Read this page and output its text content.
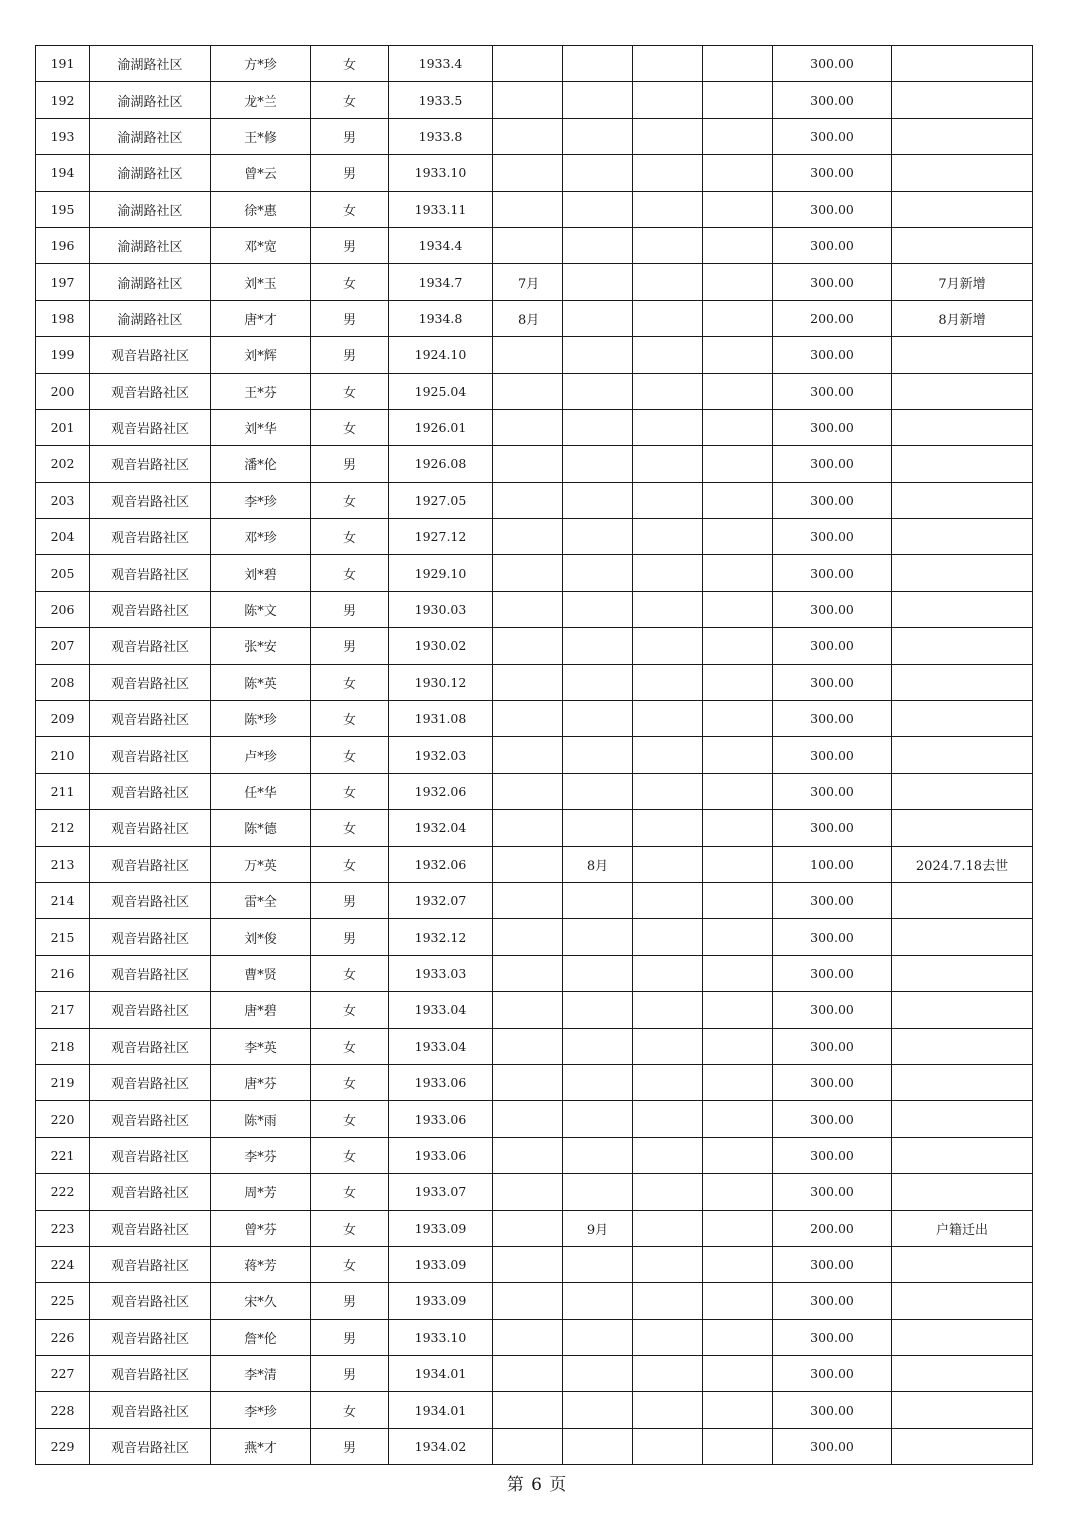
191	渝湖路社区	方*珍	女	1933.4					300.00	
192	渝湖路社区	龙*兰	女	1933.5					300.00	
193	渝湖路社区	王*修	男	1933.8					300.00	
194	渝湖路社区	曾*云	男	1933.10					300.00	
195	渝湖路社区	徐*惠	女	1933.11					300.00	
196	渝湖路社区	邓*宽	男	1934.4					300.00	
197	渝湖路社区	刘*玉	女	1934.7	7月				300.00	7月新增
198	渝湖路社区	唐*才	男	1934.8	8月				200.00	8月新增
199	观音岩路社区	刘*辉	男	1924.10					300.00	
200	观音岩路社区	王*芬	女	1925.04					300.00	
201	观音岩路社区	刘*华	女	1926.01					300.00	
202	观音岩路社区	潘*伦	男	1926.08					300.00	
203	观音岩路社区	李*珍	女	1927.05					300.00	
204	观音岩路社区	邓*珍	女	1927.12					300.00	
205	观音岩路社区	刘*碧	女	1929.10					300.00	
206	观音岩路社区	陈*文	男	1930.03					300.00	
207	观音岩路社区	张*安	男	1930.02					300.00	
208	观音岩路社区	陈*英	女	1930.12					300.00	
209	观音岩路社区	陈*珍	女	1931.08					300.00	
210	观音岩路社区	卢*珍	女	1932.03					300.00	
211	观音岩路社区	任*华	女	1932.06					300.00	
212	观音岩路社区	陈*德	女	1932.04					300.00	
213	观音岩路社区	万*英	女	1932.06		8月			100.00	2024.7.18去世
214	观音岩路社区	雷*全	男	1932.07					300.00	
215	观音岩路社区	刘*俊	男	1932.12					300.00	
216	观音岩路社区	曹*贤	女	1933.03					300.00	
217	观音岩路社区	唐*碧	女	1933.04					300.00	
218	观音岩路社区	李*英	女	1933.04					300.00	
219	观音岩路社区	唐*芬	女	1933.06					300.00	
220	观音岩路社区	陈*雨	女	1933.06					300.00	
221	观音岩路社区	李*芬	女	1933.06					300.00	
222	观音岩路社区	周*芳	女	1933.07					300.00	
223	观音岩路社区	曾*芬	女	1933.09		9月			200.00	户籍迁出
224	观音岩路社区	蒋*芳	女	1933.09					300.00	
225	观音岩路社区	宋*久	男	1933.09					300.00	
226	观音岩路社区	詹*伦	男	1933.10					300.00	
227	观音岩路社区	李*清	男	1934.01					300.00	
228	观音岩路社区	李*珍	女	1934.01					300.00	
229	观音岩路社区	燕*才	男	1934.02					300.00	
第 6 页
